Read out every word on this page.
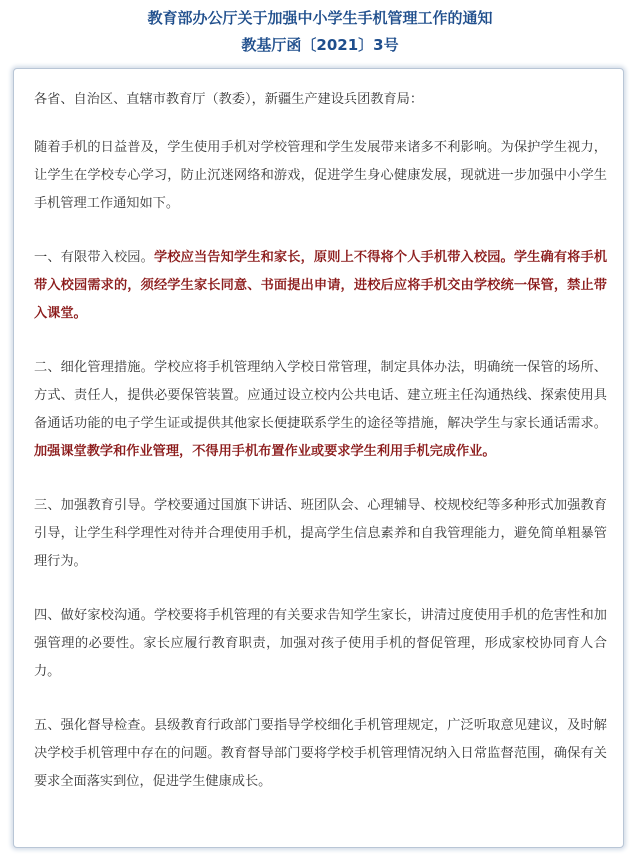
教育部办公厅关于加强中小学生手机管理工作的通知
教基厅函〔2021〕3号

各省、自治区、直辖市教育厅（教委），新疆生产建设兵团教育局：

随着手机的日益普及，学生使用手机对学校管理和学生发展带来诸多不利影响。为保护学生视力，让学生在学校专心学习，防止沉迷网络和游戏，促进学生身心健康发展，现就进一步加强中小学生手机管理工作通知如下。

一、有限带入校园。学校应当告知学生和家长，原则上不得将个人手机带入校园。学生确有将手机带入校园需求的，须经学生家长同意、书面提出申请，进校后应将手机交由学校统一保管，禁止带入课堂。

二、细化管理措施。学校应将手机管理纳入学校日常管理，制定具体办法，明确统一保管的场所、方式、责任人，提供必要保管装置。应通过设立校内公共电话、建立班主任沟通热线、探索使用具备通话功能的电子学生证或提供其他家长便捷联系学生的途径等措施，解决学生与家长通话需求。加强课堂教学和作业管理，不得用手机布置作业或要求学生利用手机完成作业。

三、加强教育引导。学校要通过国旗下讲话、班团队会、心理辅导、校规校纪等多种形式加强教育引导，让学生科学理性对待并合理使用手机，提高学生信息素养和自我管理能力，避免简单粗暴管理行为。

四、做好家校沟通。学校要将手机管理的有关要求告知学生家长，讲清过度使用手机的危害性和加强管理的必要性。家长应履行教育职责，加强对孩子使用手机的督促管理，形成家校协同育人合力。

五、强化督导检查。县级教育行政部门要指导学校细化手机管理规定，广泛听取意见建议，及时解决学校手机管理中存在的问题。教育督导部门要将学校手机管理情况纳入日常监督范围，确保有关要求全面落实到位，促进学生健康成长。
